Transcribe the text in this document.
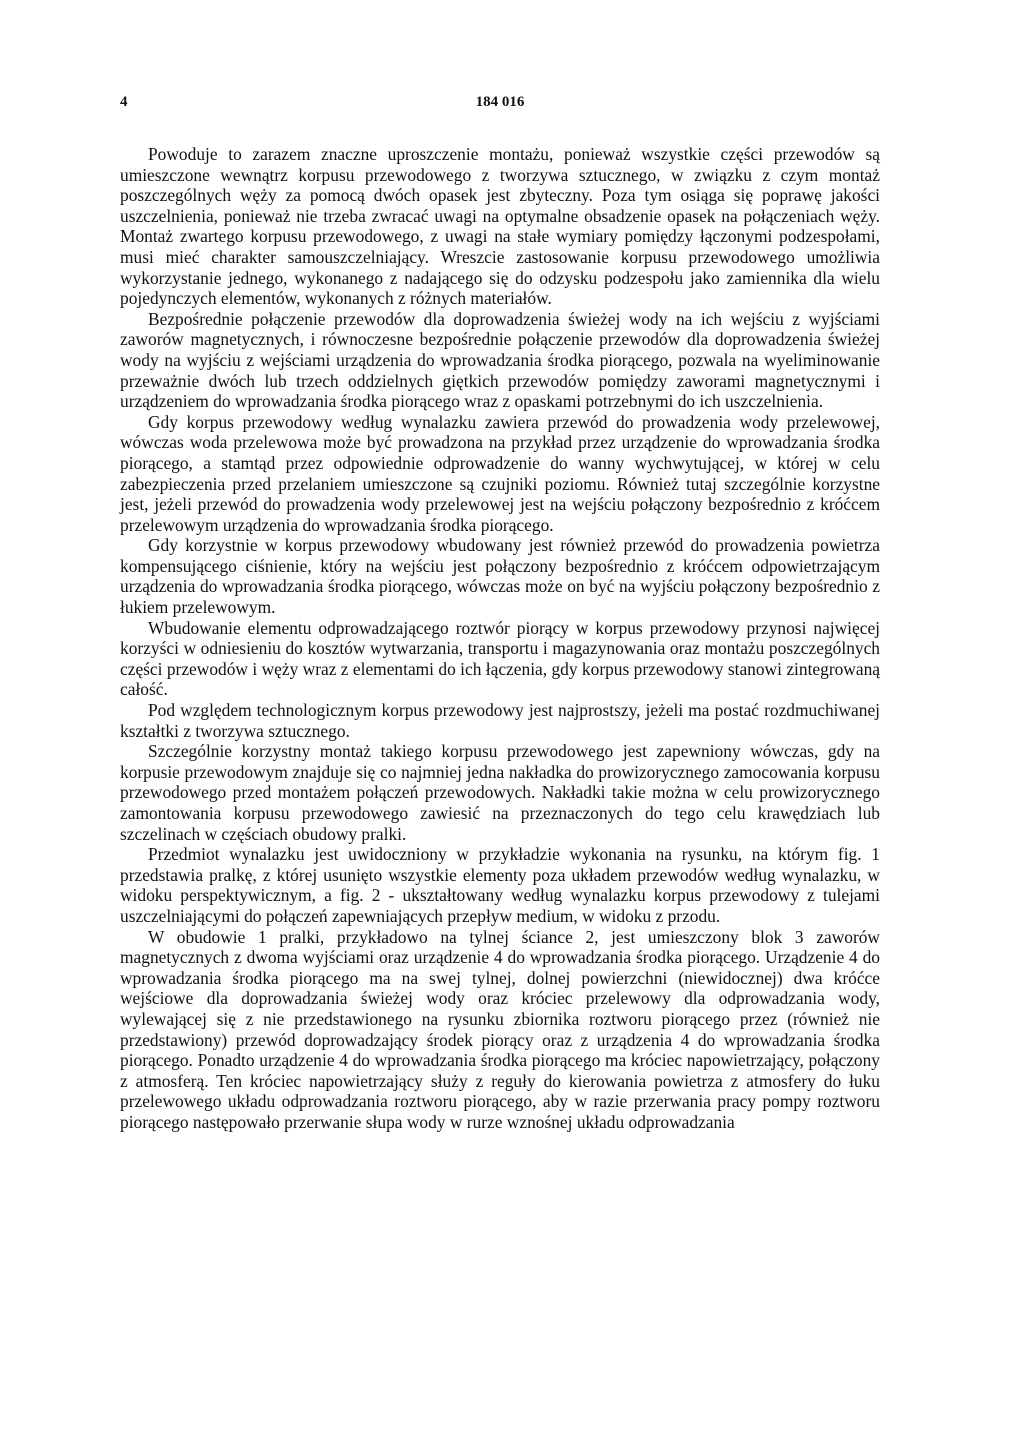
4	184 016

Powoduje to zarazem znaczne uproszczenie montażu, ponieważ wszystkie części przewodów są umieszczone wewnątrz korpusu przewodowego z tworzywa sztucznego, w związku z czym montaż poszczególnych węży za pomocą dwóch opasek jest zbyteczny. Poza tym osiąga się poprawę jakości uszczelnienia, ponieważ nie trzeba zwracać uwagi na optymalne obsadzenie opasek na połączeniach węży. Montaż zwartego korpusu przewodowego, z uwagi na stałe wymiary pomiędzy łączonymi podzespołami, musi mieć charakter samouszczelniający. Wreszcie zastosowanie korpusu przewodowego umożliwia wykorzystanie jednego, wykonanego z nadającego się do odzysku podzespołu jako zamiennika dla wielu pojedynczych elementów, wykonanych z różnych materiałów.

Bezpośrednie połączenie przewodów dla doprowadzenia świeżej wody na ich wejściu z wyjściami zaworów magnetycznych, i równoczesne bezpośrednie połączenie przewodów dla doprowadzenia świeżej wody na wyjściu z wejściami urządzenia do wprowadzania środka piorącego, pozwala na wyeliminowanie przeważnie dwóch lub trzech oddzielnych giętkich przewodów pomiędzy zaworami magnetycznymi i urządzeniem do wprowadzania środka piorącego wraz z opaskami potrzebnymi do ich uszczelnienia.

Gdy korpus przewodowy według wynalazku zawiera przewód do prowadzenia wody przelewowej, wówczas woda przelewowa może być prowadzona na przykład przez urządzenie do wprowadzania środka piorącego, a stamtąd przez odpowiednie odprowadzenie do wanny wychwytującej, w której w celu zabezpieczenia przed przelaniem umieszczone są czujniki poziomu. Również tutaj szczególnie korzystne jest, jeżeli przewód do prowadzenia wody przelewowej jest na wejściu połączony bezpośrednio z króćcem przelewowym urządzenia do wprowadzania środka piorącego.

Gdy korzystnie w korpus przewodowy wbudowany jest również przewód do prowadzenia powietrza kompensującego ciśnienie, który na wejściu jest połączony bezpośrednio z króćcem odpowietrzającym urządzenia do wprowadzania środka piorącego, wówczas może on być na wyjściu połączony bezpośrednio z łukiem przelewowym.

Wbudowanie elementu odprowadzającego roztwór piorący w korpus przewodowy przynosi najwięcej korzyści w odniesieniu do kosztów wytwarzania, transportu i magazynowania oraz montażu poszczególnych części przewodów i węży wraz z elementami do ich łączenia, gdy korpus przewodowy stanowi zintegrowaną całość.

Pod względem technologicznym korpus przewodowy jest najprostszy, jeżeli ma postać rozdmuchiwanej kształtki z tworzywa sztucznego.

Szczególnie korzystny montaż takiego korpusu przewodowego jest zapewniony wówczas, gdy na korpusie przewodowym znajduje się co najmniej jedna nakładka do prowizorycznego zamocowania korpusu przewodowego przed montażem połączeń przewodowych. Nakładki takie można w celu prowizorycznego zamontowania korpusu przewodowego zawiesić na przeznaczonych do tego celu krawędziach lub szczelinach w częściach obudowy pralki.

Przedmiot wynalazku jest uwidoczniony w przykładzie wykonania na rysunku, na którym fig. 1 przedstawia pralkę, z której usunięto wszystkie elementy poza układem przewodów według wynalazku, w widoku perspektywicznym, a fig. 2 - ukształtowany według wynalazku korpus przewodowy z tulejami uszczelniającymi do połączeń zapewniających przepływ medium, w widoku z przodu.

W obudowie 1 pralki, przykładowo na tylnej ściance 2, jest umieszczony blok 3 zaworów magnetycznych z dwoma wyjściami oraz urządzenie 4 do wprowadzania środka piorącego. Urządzenie 4 do wprowadzania środka piorącego ma na swej tylnej, dolnej powierzchni (niewidocznej) dwa króćce wejściowe dla doprowadzania świeżej wody oraz króciec przelewowy dla odprowadzania wody, wylewającej się z nie przedstawionego na rysunku zbiornika roztworu piorącego przez (również nie przedstawiony) przewód doprowadzający środek piorący oraz z urządzenia 4 do wprowadzania środka piorącego. Ponadto urządzenie 4 do wprowadzania środka piorącego ma króciec napowietrzający, połączony z atmosferą. Ten króciec napowietrzający służy z reguły do kierowania powietrza z atmosfery do łuku przelewowego układu odprowadzania roztworu piorącego, aby w razie przerwania pracy pompy roztworu piorącego następowało przerwanie słupa wody w rurze wznośnej układu odprowadzania
